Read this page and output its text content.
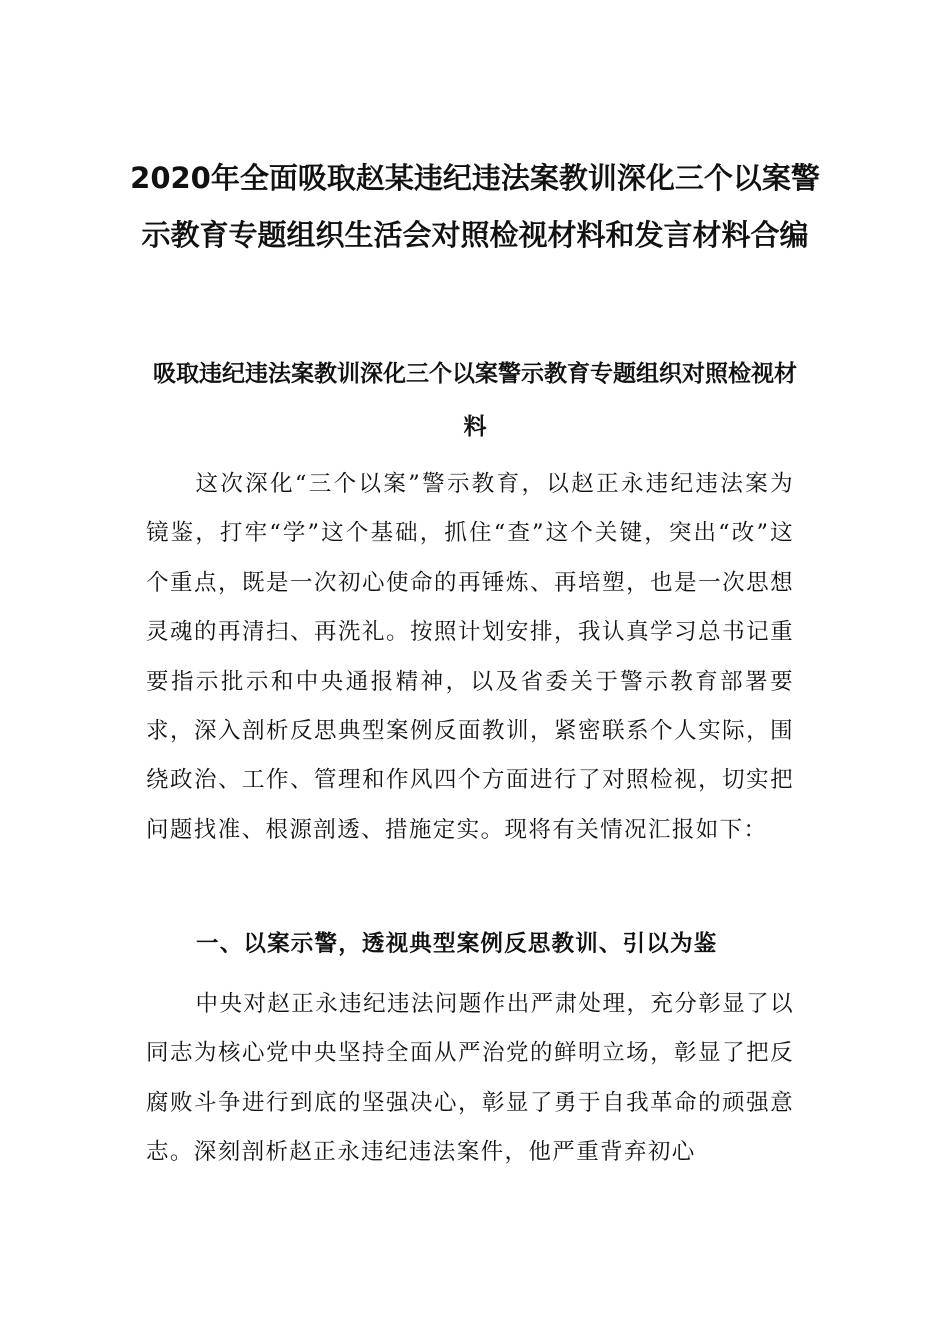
2020年全面吸取赵某违纪违法案教训深化三个以案警示教育专题组织生活会对照检视材料和发言材料合编
吸取违纪违法案教训深化三个以案警示教育专题组织对照检视材料

这次深化“三个以案”警示教育，以赵正永违纪违法案为镜鉴，打牢“学”这个基础，抓住“查”这个关键，突出“改”这个重点，既是一次初心使命的再锤炼、再培塑，也是一次思想灵魂的再清扫、再洗礼。按照计划安排，我认真学习总书记重要指示批示和中央通报精神，以及省委关于警示教育部署要求，深入剖析反思典型案例反面教训，紧密联系个人实际，围绕政治、工作、管理和作风四个方面进行了对照检视，切实把问题找准、根源剖透、措施定实。现将有关情况汇报如下：

一、以案示警，透视典型案例反思教训、引以为鉴

中央对赵正永违纪违法问题作出严肃处理，充分彰显了以同志为核心党中央坚持全面从严治党的鲜明立场，彰显了把反腐败斗争进行到底的坚强决心，彰显了勇于自我革命的顽强意志。深刻剖析赵正永违纪违法案件，他严重背弃初心
